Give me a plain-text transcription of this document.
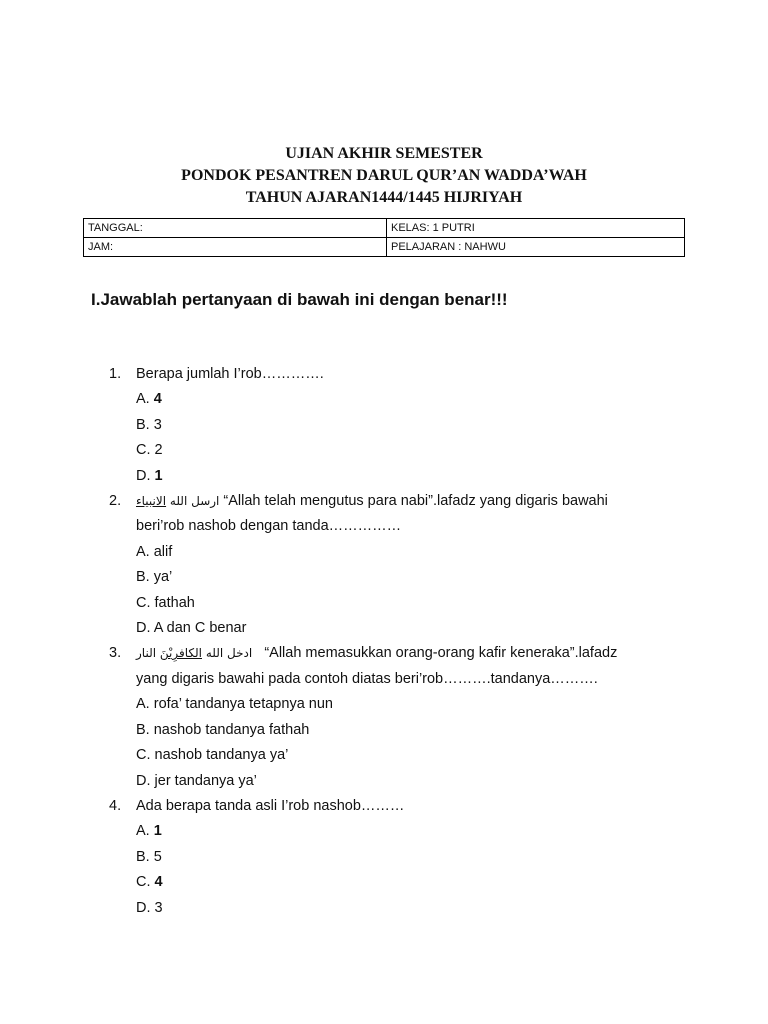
UJIAN AKHIR SEMESTER
PONDOK PESANTREN DARUL QUR’AN WADDA’WAH
TAHUN AJARAN1444/1445 HIJRIYAH
TANGGAL:	KELAS: 1 PUTRI
JAM:	PELAJARAN : NAHWU
I.Jawablah pertanyaan di bawah ini dengan benar!!!
1.	Berapa jumlah I’rob………….
A. 4
B. 3
C. 2
D. 1
2.	ارسل الله الانبياء	“Allah telah mengutus para nabi”.lafadz yang digaris bawahi
beri’rob nashob dengan tanda……………
A. alif
B. ya’
C. fathah
D. A dan C benar
3.	ادخل الله الكافرِيْنَ النار	“Allah memasukkan orang-orang kafir keneraka”.lafadz
yang digaris bawahi pada contoh diatas beri’rob……….tandanya……….
A. rofa’ tandanya tetapnya nun
B. nashob tandanya fathah
C. nashob tandanya ya’
D. jer tandanya ya’
4.	Ada berapa tanda asli I’rob nashob………
A. 1
B. 5
C. 4
D. 3
